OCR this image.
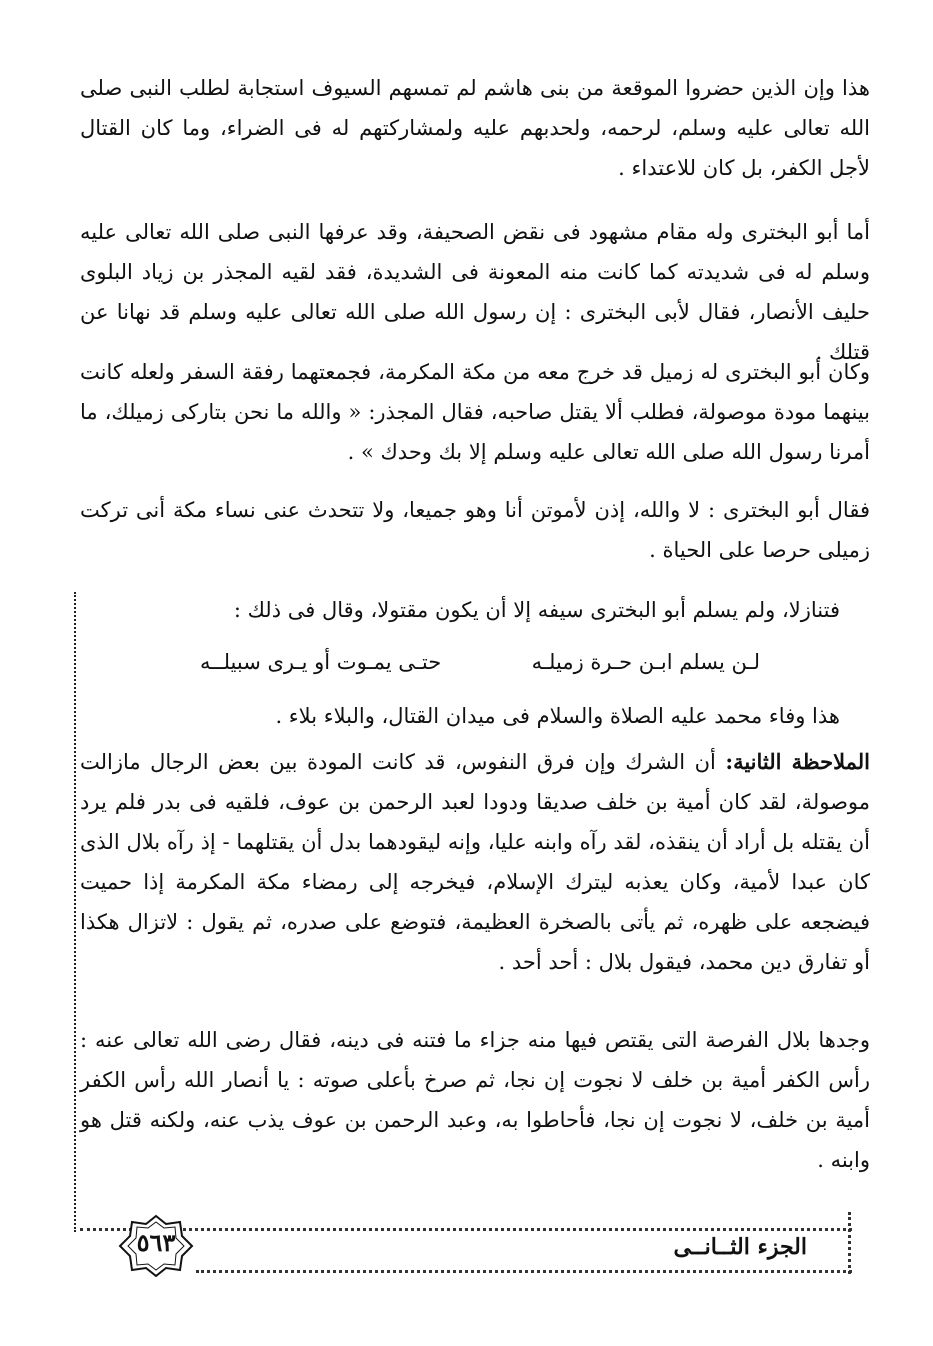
هذا وإن الذين حضروا الموقعة من بنى هاشم لم تمسهم السيوف استجابة لطلب النبى صلى الله تعالى عليه وسلم، لرحمه، ولحدبهم عليه ولمشاركتهم له فى الضراء، وما كان القتال لأجل الكفر، بل كان للاعتداء .

أما أبو البخترى وله مقام مشهود فى نقض الصحيفة، وقد عرفها النبى صلى الله تعالى عليه وسلم له فى شديدته كما كانت منه المعونة فى الشديدة، فقد لقيه المجذر بن زياد البلوى حليف الأنصار، فقال لأبى البخترى : إن رسول الله صلى الله تعالى عليه وسلم قد نهانا عن قتلك .

وكان أبو البخترى له زميل قد خرج معه من مكة المكرمة، فجمعتهما رفقة السفر ولعله كانت بينهما مودة موصولة، فطلب ألا يقتل صاحبه، فقال المجذر: « والله ما نحن بتاركى زميلك، ما أمرنا رسول الله صلى الله تعالى عليه وسلم إلا بك وحدك » .

فقال أبو البخترى : لا والله، إذن لأموتن أنا وهو جميعا، ولا تتحدث عنى نساء مكة أنى تركت زميلى حرصا على الحياة .

فتنازلا، ولم يسلم أبو البخترى سيفه إلا أن يكون مقتولا، وقال فى ذلك :

لـن يسلم ابـن حـرة زميلـه
حتـى يمـوت أو يـرى سبيلــه

هذا وفاء محمد عليه الصلاة والسلام فى ميدان القتال، والبلاء بلاء .

الملاحظة الثانية: أن الشرك وإن فرق النفوس، قد كانت المودة بين بعض الرجال مازالت موصولة، لقد كان أمية بن خلف صديقا ودودا لعبد الرحمن بن عوف، فلقيه فى بدر فلم يرد أن يقتله بل أراد أن ينقذه، لقد رآه وابنه عليا، وإنه ليقودهما بدل أن يقتلهما - إذ رآه بلال الذى كان عبدا لأمية، وكان يعذبه ليترك الإسلام، فيخرجه إلى رمضاء مكة المكرمة إذا حميت فيضجعه على ظهره، ثم يأتى بالصخرة العظيمة، فتوضع على صدره، ثم يقول : لاتزال هكذا أو تفارق دين محمد، فيقول بلال : أحد أحد .

وجدها بلال الفرصة التى يقتص فيها منه جزاء ما فتنه فى دينه، فقال رضى الله تعالى عنه : رأس الكفر أمية بن خلف لا نجوت إن نجا، ثم صرخ بأعلى صوته : يا أنصار الله رأس الكفر أمية بن خلف، لا نجوت إن نجا، فأحاطوا به، وعبد الرحمن بن عوف يذب عنه، ولكنه قتل هو وابنه .

٥٦٣	الجزء الثــانــى
